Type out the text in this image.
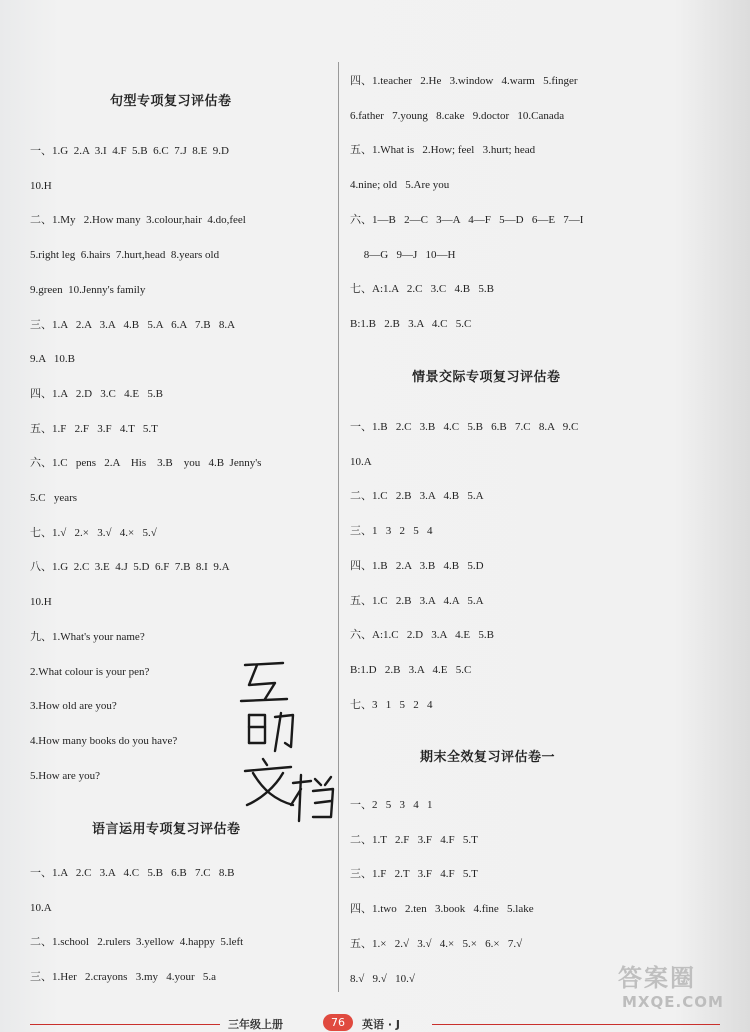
句型专项复习评估卷
一、1.G  2.A  3.I  4.F  5.B  6.C  7.J  8.E  9.D
10.H
二、1.My   2.How many  3.colour,hair  4.do,feel
5.right leg  6.hairs  7.hurt,head  8.years old
9.green  10.Jenny's family
三、1.A   2.A   3.A   4.B   5.A   6.A   7.B   8.A
9.A   10.B
四、1.A   2.D   3.C   4.E   5.B
五、1.F   2.F   3.F   4.T   5.T
六、1.C   pens   2.A    His    3.B    you   4.B  Jenny's
5.C   years
七、1.√   2.×   3.√   4.×   5.√
八、1.G  2.C  3.E  4.J  5.D  6.F  7.B  8.I  9.A
10.H
九、1.What's your name?
2.What colour is your pen?
3.How old are you?
4.How many books do you have?
5.How are you?
语言运用专项复习评估卷
一、1.A   2.C   3.A   4.C   5.B   6.B   7.C   8.B
10.A
二、1.school   2.rulers  3.yellow  4.happy  5.left
三、1.Her   2.crayons   3.my   4.your   5.a
四、1.teacher   2.He   3.window   4.warm   5.finger
6.father   7.young   8.cake   9.doctor   10.Canada
五、1.What is   2.How; feel   3.hurt; head
4.nine; old   5.Are you
六、1—B   2—C   3—A   4—F   5—D   6—E   7—I
8—G   9—J   10—H
七、A:1.A   2.C   3.C   4.B   5.B
B:1.B   2.B   3.A   4.C   5.C
情景交际专项复习评估卷
一、1.B   2.C   3.B   4.C   5.B   6.B   7.C   8.A   9.C
10.A
二、1.C   2.B   3.A   4.B   5.A
三、1   3   2   5   4
四、1.B   2.A   3.B   4.B   5.D
五、1.C   2.B   3.A   4.A   5.A
六、A:1.C   2.D   3.A   4.E   5.B
B:1.D   2.B   3.A   4.E   5.C
七、3   1   5   2   4
期末全效复习评估卷一
一、2   5   3   4   1
二、1.T   2.F   3.F   4.F   5.T
三、1.F   2.T   3.F   4.F   5.T
四、1.two   2.ten   3.book   4.fine   5.lake
五、1.×   2.√   3.√   4.×   5.×   6.×   7.√
8.√   9.√   10.√	答案圈
MXQE.COM
三年级上册	76	英语 · J
